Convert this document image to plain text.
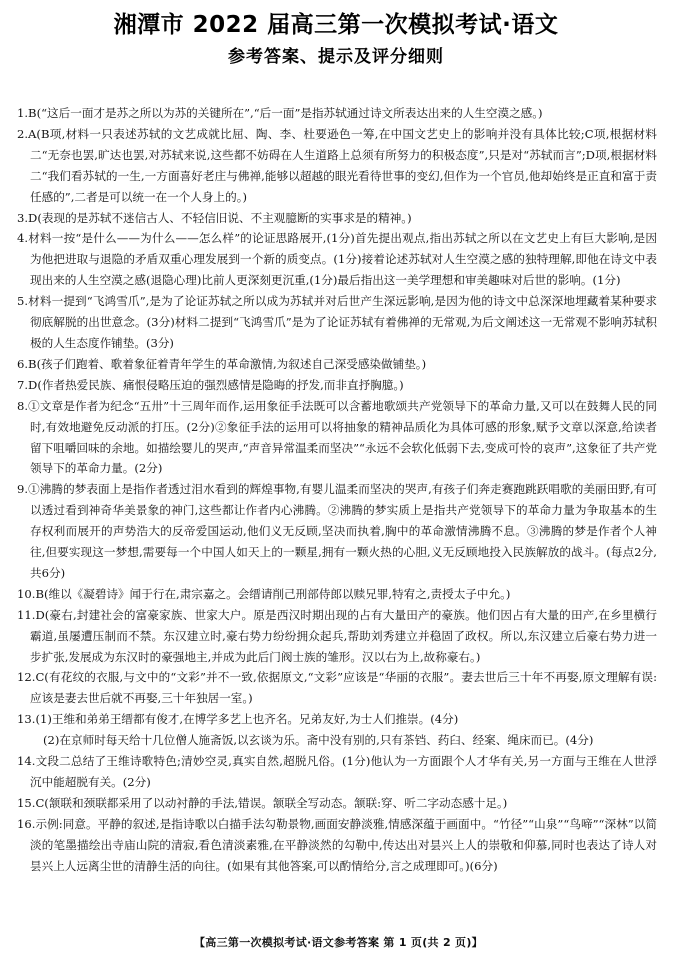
湘潭市 2022 届高三第一次模拟考试·语文
参考答案、提示及评分细则
1.B(“这后一面才是苏之所以为苏的关键所在”,“后一面”是指苏轼通过诗文所表达出来的人生空漠之感。)
2.A(B项,材料一只表述苏轼的文艺成就比屈、陶、李、杜要逊色一筹,在中国文艺史上的影响并没有具体比较;C项,根据材料二“无奈也罢,旷达也罢,对苏轼来说,这些都不妨碍在人生道路上总须有所努力的积极态度”,只是对“苏轼而言”;D项,根据材料二“我们看苏轼的一生,一方面喜好老庄与佛禅,能够以超越的眼光看待世事的变幻,但作为一个官员,他却始终是正直和富于责任感的”,二者是可以统一在一个人身上的。)
3.D(表现的是苏轼不迷信古人、不轻信旧说、不主观臆断的实事求是的精神。)
4.材料一按“是什么——为什么——怎么样”的论证思路展开,(1分)首先提出观点,指出苏轼之所以在文艺史上有巨大影响,是因为他把进取与退隐的矛盾双重心理发展到一个新的质变点。(1分)接着论述苏轼对人生空漠之感的独特理解,即他在诗文中表现出来的人生空漠之感(退隐心理)比前人更深刻更沉重,(1分)最后指出这一美学理想和审美趣味对后世的影响。(1分)
5.材料一提到“飞鸿雪爪”,是为了论证苏轼之所以成为苏轼并对后世产生深远影响,是因为他的诗文中总深深地埋藏着某种要求彻底解脱的出世意念。(3分)材料二提到“飞鸿雪爪”是为了论证苏轼有着佛禅的无常观,为后文阐述这一无常观不影响苏轼积极的人生态度作铺垫。(3分)
6.B(孩子们跑着、歌着象征着青年学生的革命激情,为叙述自己深受感染做铺垫。)
7.D(作者热爱民族、痛恨侵略压迫的强烈感情是隐晦的抒发,而非直抒胸臆。)
8.①文章是作者为纪念“五卅”十三周年而作,运用象征手法既可以含蓄地歌颂共产党领导下的革命力量,又可以在鼓舞人民的同时,有效地避免反动派的打压。(2分)②象征手法的运用可以将抽象的精神品质化为具体可感的形象,赋予文章以深意,给读者留下咀嚼回味的余地。如描绘婴儿的哭声,“声音异常温柔而坚决”“永远不会软化低弱下去,变成可怜的哀声”,这象征了共产党领导下的革命力量。(2分)
9.①沸腾的梦表面上是指作者透过泪水看到的辉煌事物,有婴儿温柔而坚决的哭声,有孩子们奔走赛跑跳跃唱歌的美丽田野,有可以透过看到神奇华美景象的神门,这些都让作者内心沸腾。②沸腾的梦实质上是指共产党领导下的革命力量为争取基本的生存权利而展开的声势浩大的反帝爱国运动,他们义无反顾,坚决而执着,胸中的革命激情沸腾不息。③沸腾的梦是作者个人神往,但要实现这一梦想,需要每一个中国人如天上的一颗星,拥有一颗火热的心胆,义无反顾地投入民族解放的战斗。(每点2分,共6分)
10.B(维以《凝碧诗》闻于行在,肃宗嘉之。会缙请削己刑部侍郎以赎兄罪,特宥之,责授太子中允。)
11.D(豪右,封建社会的富豪家族、世家大户。原是西汉时期出现的占有大量田产的豪族。他们因占有大量的田产,在乡里横行霸道,虽屡遭压制而不禁。东汉建立时,豪右势力纷纷拥众起兵,帮助刘秀建立并稳固了政权。所以,东汉建立后豪右势力进一步扩张,发展成为东汉时的豪强地主,并成为此后门阀士族的雏形。汉以右为上,故称豪右。)
12.C(有花纹的衣服,与文中的“文彩”并不一致,依据原文,“文彩”应该是“华丽的衣服”。妻去世后三十年不再娶,原文理解有误:应该是妻去世后就不再娶,三十年独居一室。)
13.(1)王维和弟弟王缙都有俊才,在博学多艺上也齐名。兄弟友好,为士人们推崇。(4分)

(2)在京师时每天给十几位僧人施斋饭,以玄谈为乐。斋中没有别的,只有茶铛、药臼、经案、绳床而已。(4分)
14.文段二总结了王维诗歌特色;清妙空灵,真实自然,超脱凡俗。(1分)他认为一方面跟个人才华有关,另一方面与王维在人世浮沉中能超脱有关。(2分)
15.C(颔联和颈联都采用了以动衬静的手法,错误。颔联全写动态。颔联:穿、听二字动态感十足。)
16.示例:同意。平静的叙述,是指诗歌以白描手法勾勒景物,画面安静淡雅,情感深蕴于画面中。“竹径”“山泉”“鸟啼”“深林”以简淡的笔墨描绘出寺庙山院的清寂,看色清淡素雅,在平静淡然的勾勒中,传达出对昙兴上人的崇敬和仰慕,同时也表达了诗人对昙兴上人远离尘世的清静生活的向往。(如果有其他答案,可以酌情给分,言之成理即可。)(6分)
【高三第一次模拟考试·语文参考答案 第 1 页(共 2 页)】
